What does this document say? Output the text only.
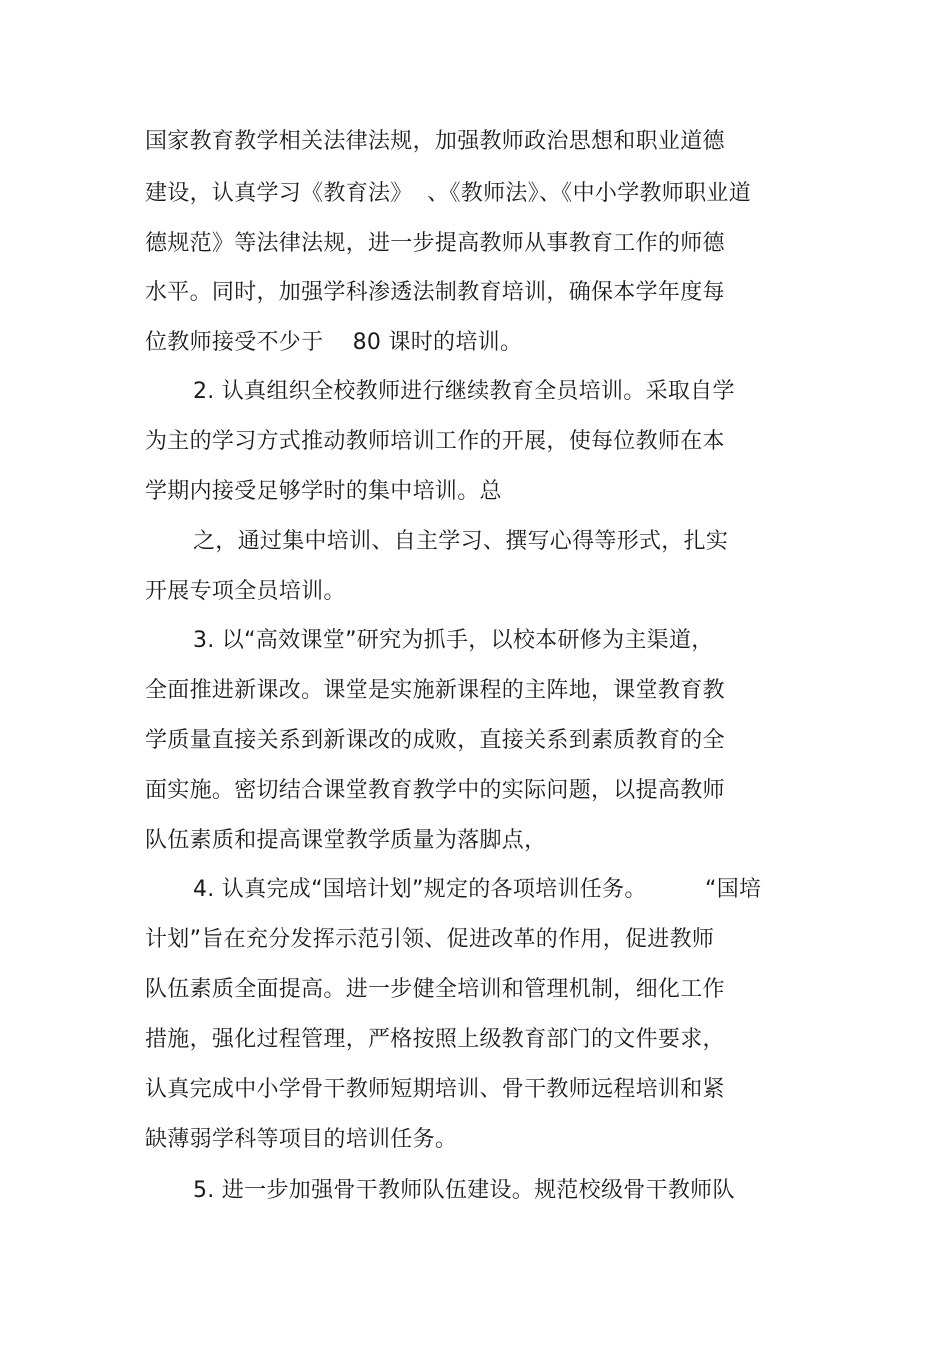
国家教育教学相关法律法规，加强教师政治思想和职业道德
建设，认真学习《教育法》  、《教师法》、《中小学教师职业道
德规范》等法律法规，进一步提高教师从事教育工作的师德
水平。同时，加强学科渗透法制教育培训，确保本学年度每
位教师接受不少于    80 课时的培训。
2. 认真组织全校教师进行继续教育全员培训。采取自学
为主的学习方式推动教师培训工作的开展，使每位教师在本
学期内接受足够学时的集中培训。总
之，通过集中培训、自主学习、撰写心得等形式，扎实
开展专项全员培训。
3. 以“高效课堂”研究为抓手，以校本研修为主渠道，
全面推进新课改。课堂是实施新课程的主阵地，课堂教育教
学质量直接关系到新课改的成败，直接关系到素质教育的全
面实施。密切结合课堂教育教学中的实际问题，以提高教师
队伍素质和提高课堂教学质量为落脚点，
4. 认真完成“国培计划”规定的各项培训任务。        “国培
计划”旨在充分发挥示范引领、促进改革的作用，促进教师
队伍素质全面提高。进一步健全培训和管理机制，细化工作
措施，强化过程管理，严格按照上级教育部门的文件要求，
认真完成中小学骨干教师短期培训、骨干教师远程培训和紧
缺薄弱学科等项目的培训任务。
5. 进一步加强骨干教师队伍建设。规范校级骨干教师队
